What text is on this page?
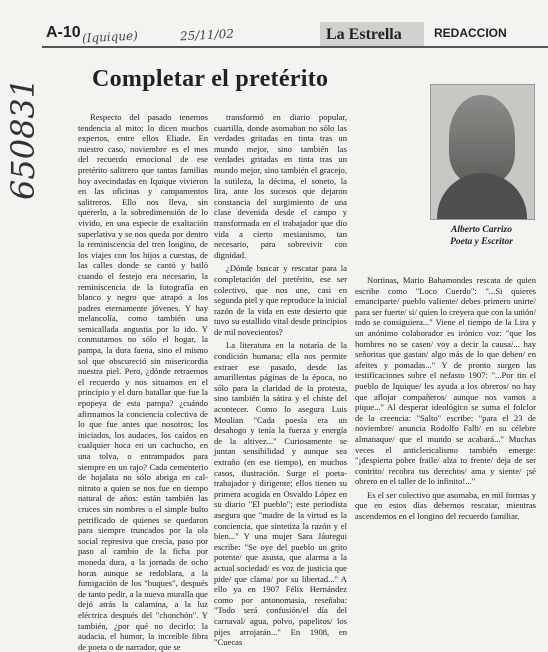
A-10 (Iquique)	25/11/02	La Estrella	REDACCION
650831 Completar el pretérito
Alberto Carrizo
Poeta y Escritor

Respecto del pasado tenemos tendencia al mito; lo dicen muchos expertos, entre ellos Eliade. En nuestro caso, noviembre es el mes del recuerdo emocional de ese pretérito salitrero que tantas familias hoy avecindadas en Iquique vivieron en las oficinas y campamentos salitreros. Ello nos lleva, sin quererlo, a la sobredimensión de lo vivido, en una especie de exaltación superlativa y se nos queda por dentro la reminiscencia del tren longino, de los viajes con los hijos a cuestas, de las calles donde se cantó y bailó cuando el festejo era necesario, la reminiscencia de la fotografía en blanco y negro que atrapó a los padres eternamente jóvenes. Y hay melancolía, como también una semicallada angustia por lo ido. Y conmutamos no sólo el hogar, la pampa, la dura faena, sino el mismo sol que obscureció sin misericordia nuestra piel. Pero, ¿dónde retraemos el recuerdo y nos situamos en el principio y el duro batallar que fue la epopeya de esta pampa? ¿cuándo afirmamos la conciencia colectiva de lo que fue antes que nosotros; los iniciados, los audaces, los caídos en cualquier hoca en un cachucho, en una tolva, o entrampados para siempre en un rajo? Cada cementerio de hojalata no sólo abriga en cal-nitrato a quien se nos fue en tiempo natural de años: están también las cruces sin nombres o el simple bulto petrificado de quienes se quedaron para siempre truncados por la ola social represiva que crecía, paso por paso al cambio de la ficha por moneda dura, a la jornada de ocho horas aunque se redoblara, a la fumigación de los "buques", después de tanto pedir, a la nueva muralla que dejó atrás la calamina, a la luz eléctrica después del "chonchón". Y también, ¿por qué no decirlo: la audacia, el humor, la increíble fibra de poeta o de narrador, que se

transformó en diario popular, cuartilla, donde asomaban no sólo las verdades gritadas en tinta tras un mundo mejor, sino también las verdades gritadas en tinta tras un mundo mejor, sino también el gracejo, la sutileza, la décima, el soneto, la lira, ante los sucesos que dejaron constancia del surgimiento de una clase devenida desde el campo y transformada en el trabajador que dio vida a cierto mesianismo, tan necesario, para sobrevivir con dignidad.

¿Dónde buscar y rescatar para la completación del pretérito, ese ser colectivo, que nos une, casi en segunda piel y que reproduce la inicial razón de la vida en este desierto que tuvo su estallido vital desde principios de mil novecientos?

La literatura en la notaría de la condición humana; ella nos permite extraer ese pasado, desde las amarillentas páginas de la época, no sólo para la claridad de la protesta, sino también la sátira y el chiste del acontecer. Como lo asegura Luis Moulian "Cada poesía era un desahogo y tenía la fuerza y energía de la altivez..." Curiosamente se juntan sensibilidad y aunque sea extraño (en ese tiempo), en muchos casos, ilustración. Surge el poeta-trabajador y dirigente; ellos tienen su primera acogida en Osvaldo López en su diario "El pueblo"; este periodista asegura que "madre de la virtud es la conciencia, que sintetiza la razón y el bien..." Y una mujer Sara Jáuregui escribe: "Se oye del pueblo un grito potente/ que asusta, que alarma a la actual sociedad/ es voz de justicia que pide/ que clama/ por su libertad..." A ello ya en 1907 Félix Hernández como por antonomasia, reseñaba: "Todo será confusión/el día del carnaval/ agua, polvo, papelitos/ los pijes arrojarán..." En 1908, en "Cuecas

Nortinas, Mario Bahamondes rescata de quien escribe como "Loco Cuerdo": "...Si quieres emanciparte/ pueblo valiente/ debes primero unirte/ para ser fuerte/ si/ quien lo creyera que con la unión/ todo se consiguiera..." Viene el tiempo de la Lira y un anónimo colaborador es irónico voz: "que los hombres no se casen/ voy a decir la causa/... hay señoritas que gastan/ algo más de lo que deben/ en afeites y pomadas..." Y de pronto surgen las testificaciones sobre el nefasto 1907: "...Por tin el pueblo de Iquique/ les ayuda a los obreros/ no hay que aflojar compañeros/ aunque nos vamos a pique..." Al desperar ideológico se suma el folclor de la creencia: "Salto" escribe: "para el 23 de noviembre/ anuncia Rodolfo Falb/ en su célebre almanaque/ que el mundo se acabará..." Muchas veces el anticlericalismo también emerge: "¡despierta pobre fraile/ alza to frente/ deja de ser contrito/ recobra tus derechos/ ama y siente/ ¡sé obrero en el taller de lo infinito!..."

Es el ser colectivo que asomaba, en mil formas y que en estos días debemos rescatar, mientras ascendemos en el longino del recuerdo familiar.
